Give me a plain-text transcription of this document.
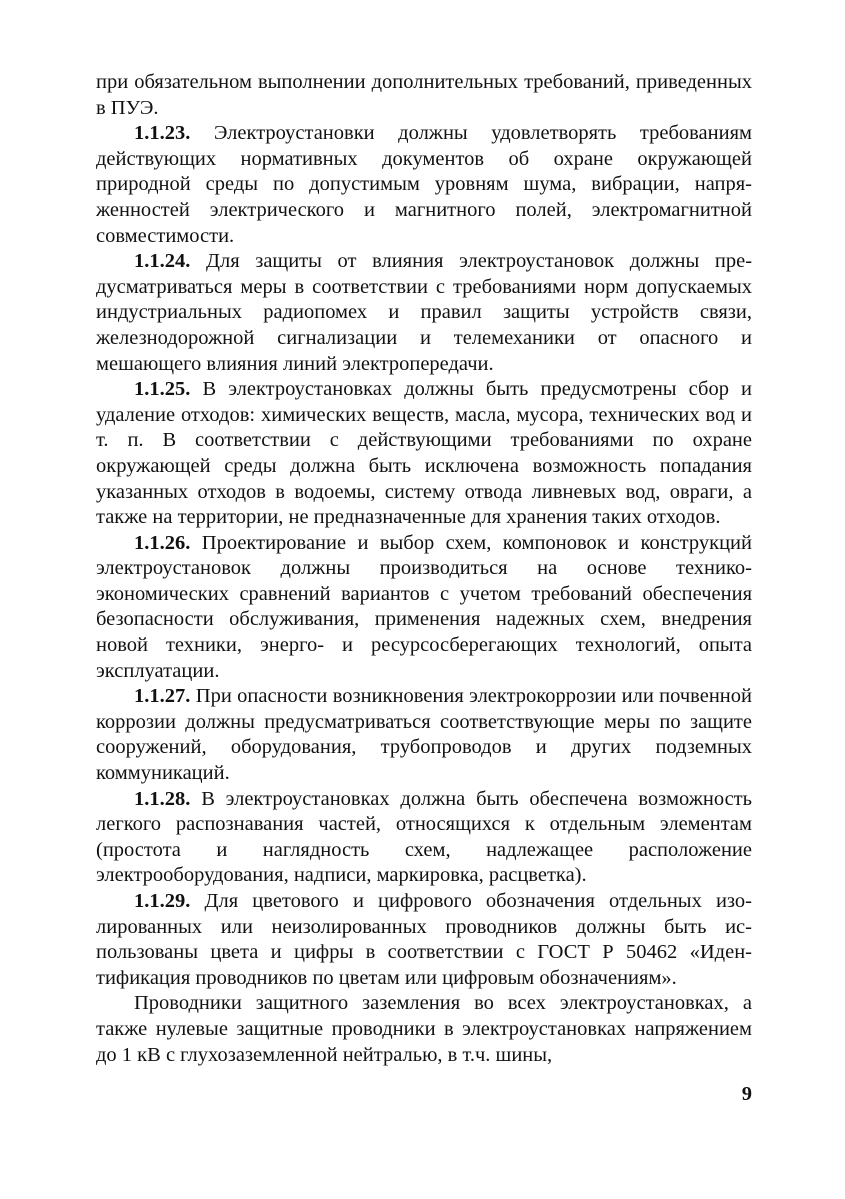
при обязательном выполнении дополнительных требований, приведенных в ПУЭ.

1.1.23. Электроустановки должны удовлетворять требованиям действующих нормативных документов об охране окружающей природной среды по допустимым уровням шума, вибрации, напряженностей электрического и магнитного полей, электромагнитной совместимости.

1.1.24. Для защиты от влияния электроустановок должны предусматриваться меры в соответствии с требованиями норм допускаемых индустриальных радиопомех и правил защиты устройств связи, железнодорожной сигнализации и телемеханики от опасного и мешающего влияния линий электропередачи.

1.1.25. В электроустановках должны быть предусмотрены сбор и удаление отходов: химических веществ, масла, мусора, технических вод и т. п. В соответствии с действующими требованиями по охране окружающей среды должна быть исключена возможность попадания указанных отходов в водоемы, систему отвода ливневых вод, овраги, а также на территории, не предназначенные для хранения таких отходов.

1.1.26. Проектирование и выбор схем, компоновок и конструкций электроустановок должны производиться на основе технико-экономических сравнений вариантов с учетом требований обеспечения безопасности обслуживания, применения надежных схем, внедрения новой техники, энерго- и ресурсосберегающих технологий, опыта эксплуатации.

1.1.27. При опасности возникновения электрокоррозии или почвенной коррозии должны предусматриваться соответствующие меры по защите сооружений, оборудования, трубопроводов и других подземных коммуникаций.

1.1.28. В электроустановках должна быть обеспечена возможность легкого распознавания частей, относящихся к отдельным элементам (простота и наглядность схем, надлежащее расположение электрооборудования, надписи, маркировка, расцветка).

1.1.29. Для цветового и цифрового обозначения отдельных изолированных или неизолированных проводников должны быть использованы цвета и цифры в соответствии с ГОСТ Р 50462 «Идентификация проводников по цветам или цифровым обозначениям».

Проводники защитного заземления во всех электроустановках, а также нулевые защитные проводники в электроустановках напряжением до 1 кВ с глухозаземленной нейтралью, в т.ч. шины,

9
